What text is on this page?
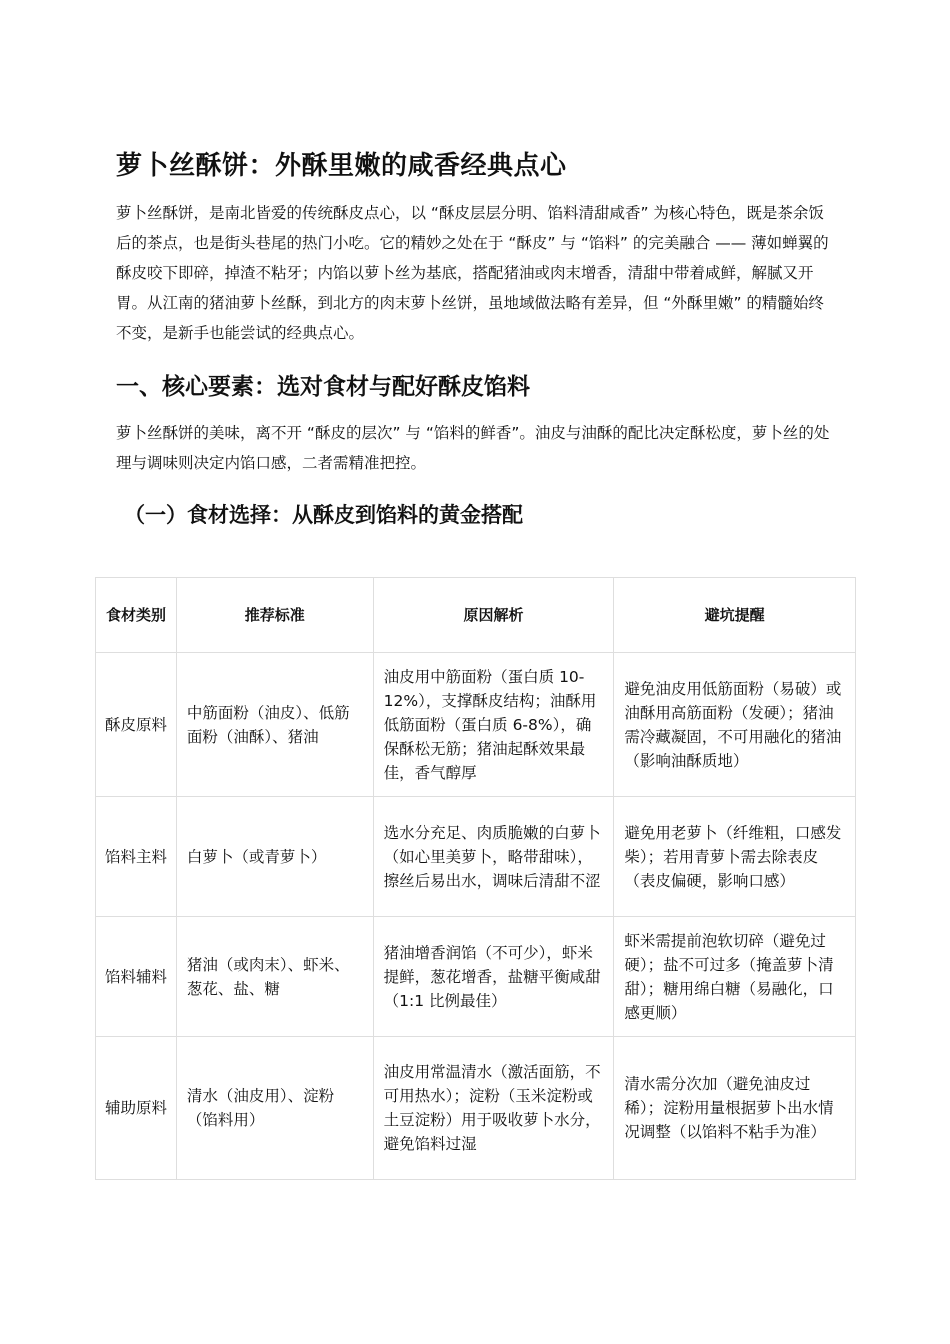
萝卜丝酥饼：外酥里嫩的咸香经典点心

萝卜丝酥饼，是南北皆爱的传统酥皮点心，以 “酥皮层层分明、馅料清甜咸香” 为核心特色，既是茶余饭后的茶点，也是街头巷尾的热门小吃。它的精妙之处在于 “酥皮” 与 “馅料” 的完美融合 —— 薄如蝉翼的酥皮咬下即碎，掉渣不粘牙；内馅以萝卜丝为基底，搭配猪油或肉末增香，清甜中带着咸鲜，解腻又开胃。从江南的猪油萝卜丝酥，到北方的肉末萝卜丝饼，虽地域做法略有差异，但 “外酥里嫩” 的精髓始终不变，是新手也能尝试的经典点心。

一、核心要素：选对食材与配好酥皮馅料

萝卜丝酥饼的美味，离不开 “酥皮的层次” 与 “馅料的鲜香”。油皮与油酥的配比决定酥松度，萝卜丝的处理与调味则决定内馅口感，二者需精准把控。

（一）食材选择：从酥皮到馅料的黄金搭配
食材类别	推荐标准	原因解析	避坑提醒
酥皮原料	中筋面粉（油皮）、低筋面粉（油酥）、猪油	油皮用中筋面粉（蛋白质 10-12%），支撑酥皮结构；油酥用低筋面粉（蛋白质 6-8%），确保酥松无筋；猪油起酥效果最佳，香气醇厚	避免油皮用低筋面粉（易破）或油酥用高筋面粉（发硬）；猪油需冷藏凝固，不可用融化的猪油（影响油酥质地）
馅料主料	白萝卜（或青萝卜）	选水分充足、肉质脆嫩的白萝卜（如心里美萝卜，略带甜味），擦丝后易出水，调味后清甜不涩	避免用老萝卜（纤维粗，口感发柴）；若用青萝卜需去除表皮（表皮偏硬，影响口感）
馅料辅料	猪油（或肉末）、虾米、葱花、盐、糖	猪油增香润馅（不可少），虾米提鲜，葱花增香，盐糖平衡咸甜（1:1 比例最佳）	虾米需提前泡软切碎（避免过硬）；盐不可过多（掩盖萝卜清甜）；糖用绵白糖（易融化，口感更顺）
辅助原料	清水（油皮用）、淀粉（馅料用）	油皮用常温清水（激活面筋，不可用热水）；淀粉（玉米淀粉或土豆淀粉）用于吸收萝卜水分，避免馅料过湿	清水需分次加（避免油皮过稀）；淀粉用量根据萝卜出水情况调整（以馅料不粘手为准）
